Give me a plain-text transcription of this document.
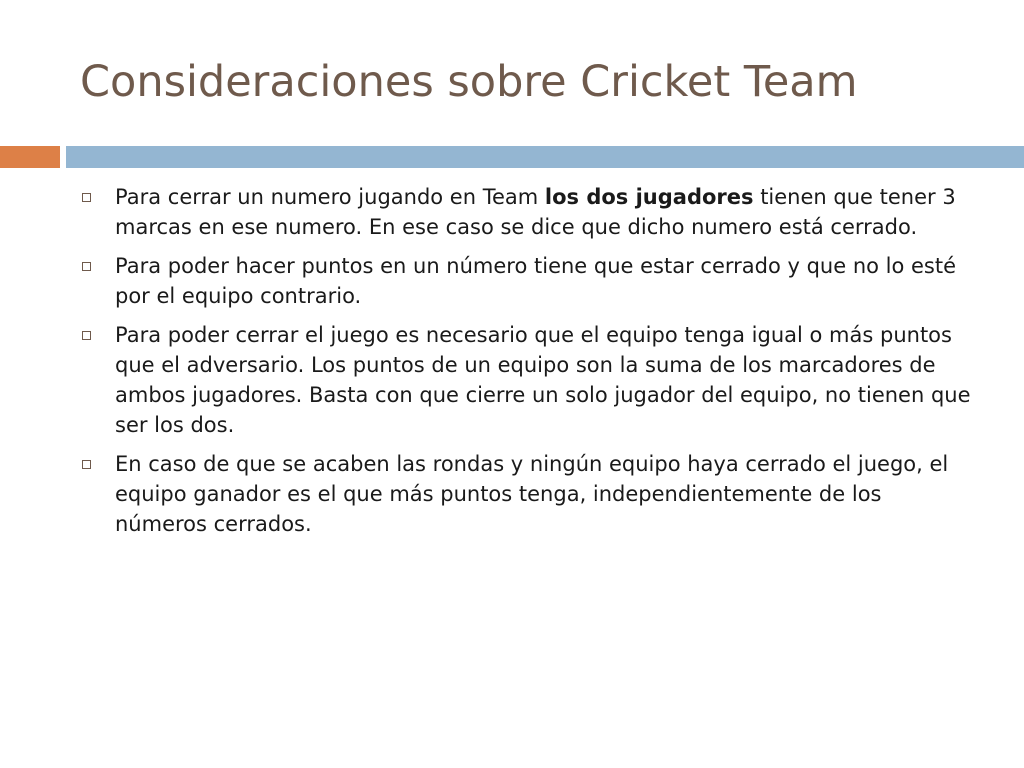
Consideraciones sobre Cricket Team
Para cerrar un numero jugando en Team los dos jugadores tienen que tener 3 marcas en ese numero. En ese caso se dice que dicho numero está cerrado.
Para poder hacer puntos en un número tiene que estar cerrado y que no lo esté por el equipo contrario.
Para poder cerrar el juego es necesario que el equipo tenga igual o más puntos que el adversario. Los puntos de un equipo son la suma de los marcadores de ambos jugadores. Basta con que cierre un solo jugador del equipo, no tienen que ser los dos.
En caso de que se acaben las rondas y ningún equipo haya cerrado el juego, el equipo ganador es el que más puntos tenga, independientemente de los números cerrados.
